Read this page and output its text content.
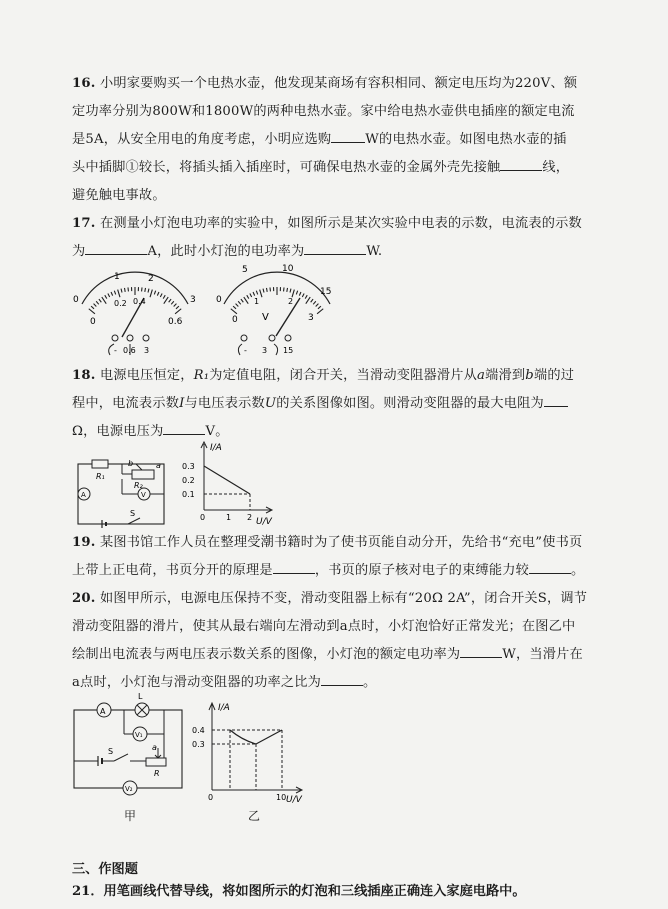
16. 小明家要购买一个电热水壶，他发现某商场有容积相同、额定电压均为220V、额

定功率分别为800W和1800W的两种电热水壶。家中给电热水壶供电插座的额定电流

是5A，从安全用电的角度考虑，小明应选购	W的电热水壶。如图电热水壶的插

头中插脚①较长，将插头插入插座时，可确保电热水壶的金属外壳先接触	线，

避免触电事故。

17. 在测量小灯泡电功率的实验中，如图所示是某次实验中电表的示数，电流表的示数

为	A，此时小灯泡的电功率为	W.

0
1	2
3
0
0.2 0.4
0.6
- 0.6 3
0
5	10
15
0
1	2
3
V
- 3 15

18. 电源电压恒定，R₁为定值电阻，闭合开关，当滑动变阻器滑片从a端滑到b端的过

程中，电流表示数I与电压表示数U的关系图像如图。则滑动变阻器的最大电阻为

Ω，电源电压为	V。

A	V
R₁
R₂
b	a
S
I/A
U/V
0.3
0.2
0.1
0	1 2

19. 某图书馆工作人员在整理受潮书籍时为了使书页能自动分开，先给书“充电”使书页

上带上正电荷，书页分开的原理是	，书页的原子核对电子的束缚能力较	。

20. 如图甲所示，电源电压保持不变，滑动变阻器上标有“20Ω 2A”，闭合开关S，调节

滑动变阻器的滑片，使其从最右端向左滑动到a点时，小灯泡恰好正常发光；在图乙中

绘制出电流表与两电压表示数关系的图像，小灯泡的额定电功率为	W，当滑片在

a点时，小灯泡与滑动变阻器的功率之比为	。

A
L
V₁
V₂
S
R
a
甲
I/A
U/V
0.4
0.3
0	10
乙
三、作图题
21．用笔画线代替导线，将如图所示的灯泡和三线插座正确连入家庭电路中。
